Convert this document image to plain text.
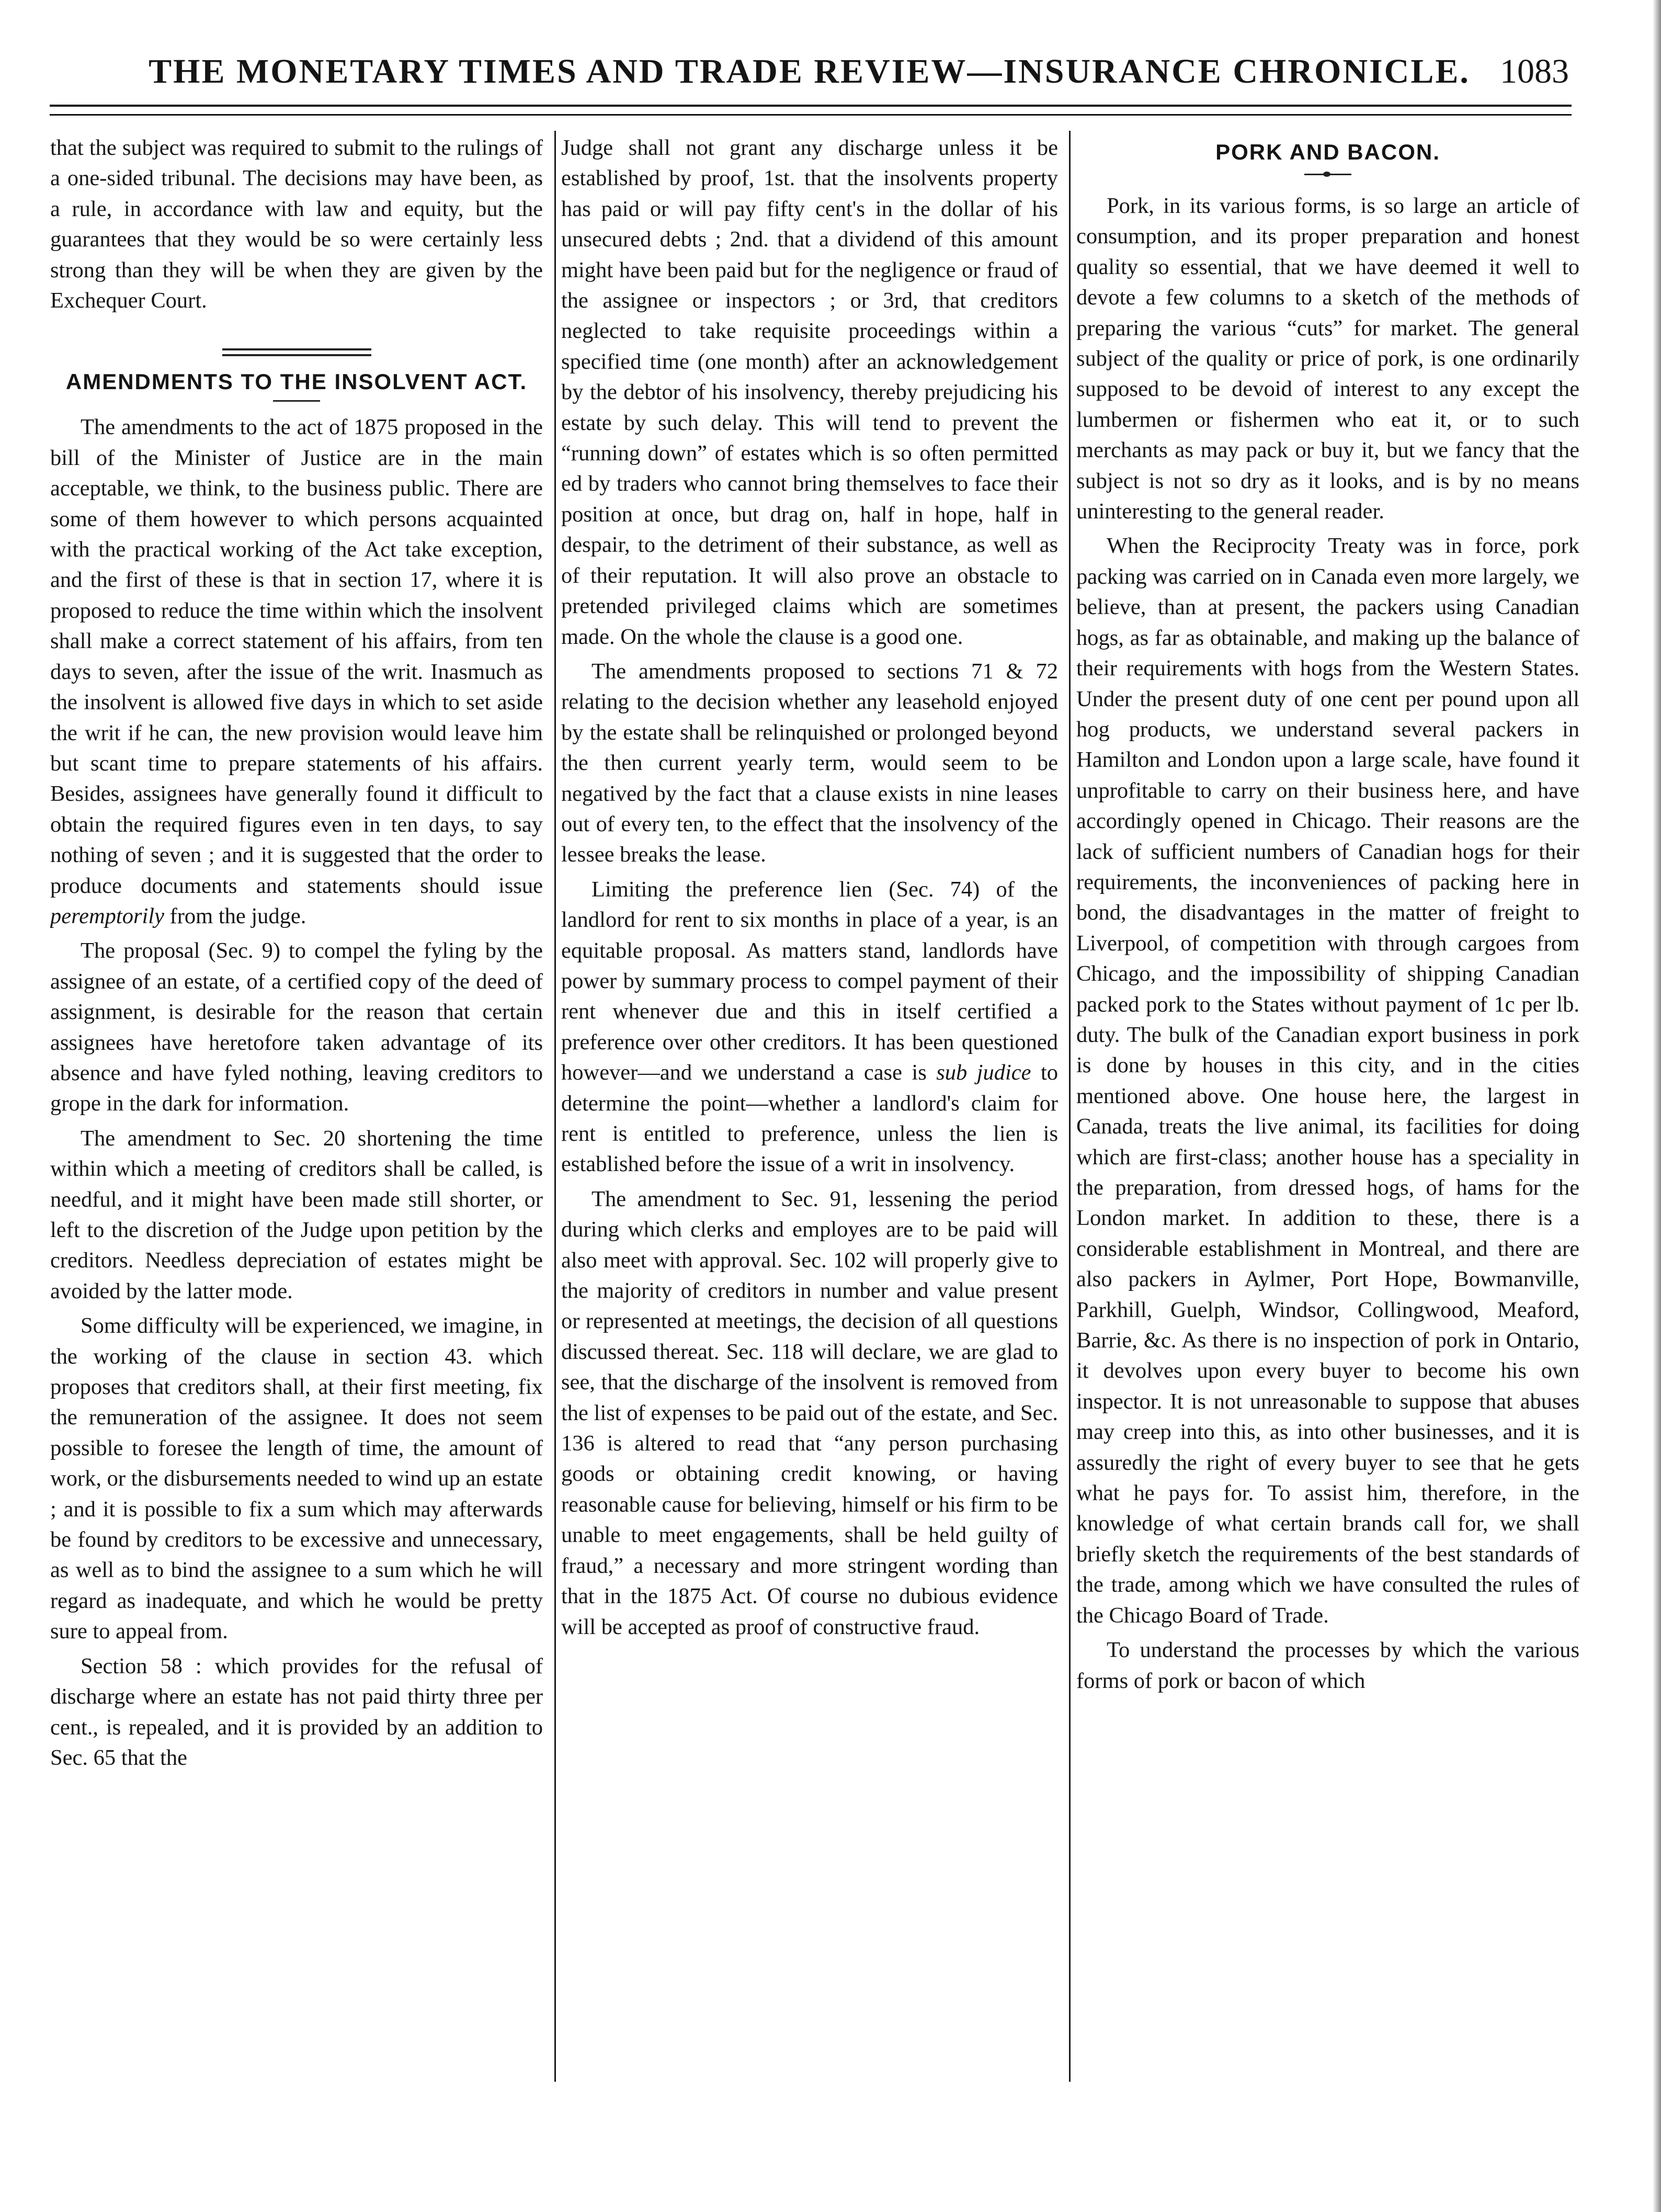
THE MONETARY TIMES AND TRADE REVIEW—INSURANCE CHRONICLE. 1083

that the subject was required to submit to the rulings of a one-sided tribunal. The decisions may have been, as a rule, in accordance with law and equity, but the guarantees that they would be so were certainly less strong than they will be when they are given by the Exchequer Court.

AMENDMENTS TO THE INSOLVENT ACT.

The amendments to the act of 1875 proposed in the bill of the Minister of Justice are in the main acceptable, we think, to the business public. There are some of them however to which persons acquainted with the practical working of the Act take exception, and the first of these is that in section 17, where it is proposed to reduce the time within which the insolvent shall make a correct statement of his affairs, from ten days to seven, after the issue of the writ. Inasmuch as the insolvent is allowed five days in which to set aside the writ if he can, the new provision would leave him but scant time to prepare statements of his affairs. Besides, assignees have generally found it difficult to obtain the required figures even in ten days, to say nothing of seven ; and it is suggested that the order to produce documents and statements should issue peremptorily from the judge.

The proposal (Sec. 9) to compel the fyling by the assignee of an estate, of a certified copy of the deed of assignment, is desirable for the reason that certain assignees have heretofore taken advantage of its absence and have fyled nothing, leaving creditors to grope in the dark for information.

The amendment to Sec. 20 shortening the time within which a meeting of creditors shall be called, is needful, and it might have been made still shorter, or left to the discretion of the Judge upon petition by the creditors. Needless depreciation of estates might be avoided by the latter mode.

Some difficulty will be experienced, we imagine, in the working of the clause in section 43. which proposes that creditors shall, at their first meeting, fix the remuneration of the assignee. It does not seem possible to foresee the length of time, the amount of work, or the disbursements needed to wind up an estate ; and it is possible to fix a sum which may afterwards be found by creditors to be excessive and unnecessary, as well as to bind the assignee to a sum which he will regard as inadequate, and which he would be pretty sure to appeal from.

Section 58 : which provides for the refusal of discharge where an estate has not paid thirty three per cent., is repealed, and it is provided by an addition to Sec. 65 that the

Judge shall not grant any discharge unless it be established by proof, 1st. that the insolvents property has paid or will pay fifty cent's in the dollar of his unsecured debts ; 2nd. that a dividend of this amount might have been paid but for the negligence or fraud of the assignee or inspectors ; or 3rd, that creditors neglected to take requisite proceedings within a specified time (one month) after an acknowledgement by the debtor of his insolvency, thereby prejudicing his estate by such delay. This will tend to prevent the “running down” of estates which is so often permitted ed by traders who cannot bring themselves to face their position at once, but drag on, half in hope, half in despair, to the detriment of their substance, as well as of their reputation. It will also prove an obstacle to pretended privileged claims which are sometimes made. On the whole the clause is a good one.

The amendments proposed to sections 71 & 72 relating to the decision whether any leasehold enjoyed by the estate shall be relinquished or prolonged beyond the then current yearly term, would seem to be negatived by the fact that a clause exists in nine leases out of every ten, to the effect that the insolvency of the lessee breaks the lease.

Limiting the preference lien (Sec. 74) of the landlord for rent to six months in place of a year, is an equitable proposal. As matters stand, landlords have power by summary process to compel payment of their rent whenever due and this in itself certified a preference over other creditors. It has been questioned however—and we understand a case is sub judice to determine the point—whether a landlord's claim for rent is entitled to preference, unless the lien is established before the issue of a writ in insolvency.

The amendment to Sec. 91, lessening the period during which clerks and employes are to be paid will also meet with approval. Sec. 102 will properly give to the majority of creditors in number and value present or represented at meetings, the decision of all questions discussed thereat. Sec. 118 will declare, we are glad to see, that the discharge of the insolvent is removed from the list of expenses to be paid out of the estate, and Sec. 136 is altered to read that “any person purchasing goods or obtaining credit knowing, or having reasonable cause for believing, himself or his firm to be unable to meet engagements, shall be held guilty of fraud,” a necessary and more stringent wording than that in the 1875 Act. Of course no dubious evidence will be accepted as proof of constructive fraud.

PORK AND BACON.

Pork, in its various forms, is so large an article of consumption, and its proper preparation and honest quality so essential, that we have deemed it well to devote a few columns to a sketch of the methods of preparing the various “cuts” for market. The general subject of the quality or price of pork, is one ordinarily supposed to be devoid of interest to any except the lumbermen or fishermen who eat it, or to such merchants as may pack or buy it, but we fancy that the subject is not so dry as it looks, and is by no means uninteresting to the general reader.

When the Reciprocity Treaty was in force, pork packing was carried on in Canada even more largely, we believe, than at present, the packers using Canadian hogs, as far as obtainable, and making up the balance of their requirements with hogs from the Western States. Under the present duty of one cent per pound upon all hog products, we understand several packers in Hamilton and London upon a large scale, have found it unprofitable to carry on their business here, and have accordingly opened in Chicago. Their reasons are the lack of sufficient numbers of Canadian hogs for their requirements, the inconveniences of packing here in bond, the disadvantages in the matter of freight to Liverpool, of competition with through cargoes from Chicago, and the impossibility of shipping Canadian packed pork to the States without payment of 1c per lb. duty. The bulk of the Canadian export business in pork is done by houses in this city, and in the cities mentioned above. One house here, the largest in Canada, treats the live animal, its facilities for doing which are first-class; another house has a speciality in the preparation, from dressed hogs, of hams for the London market. In addition to these, there is a considerable establishment in Montreal, and there are also packers in Aylmer, Port Hope, Bowmanville, Parkhill, Guelph, Windsor, Collingwood, Meaford, Barrie, &c. As there is no inspection of pork in Ontario, it devolves upon every buyer to become his own inspector. It is not unreasonable to suppose that abuses may creep into this, as into other businesses, and it is assuredly the right of every buyer to see that he gets what he pays for. To assist him, therefore, in the knowledge of what certain brands call for, we shall briefly sketch the requirements of the best standards of the trade, among which we have consulted the rules of the Chicago Board of Trade.

To understand the processes by which the various forms of pork or bacon of which
